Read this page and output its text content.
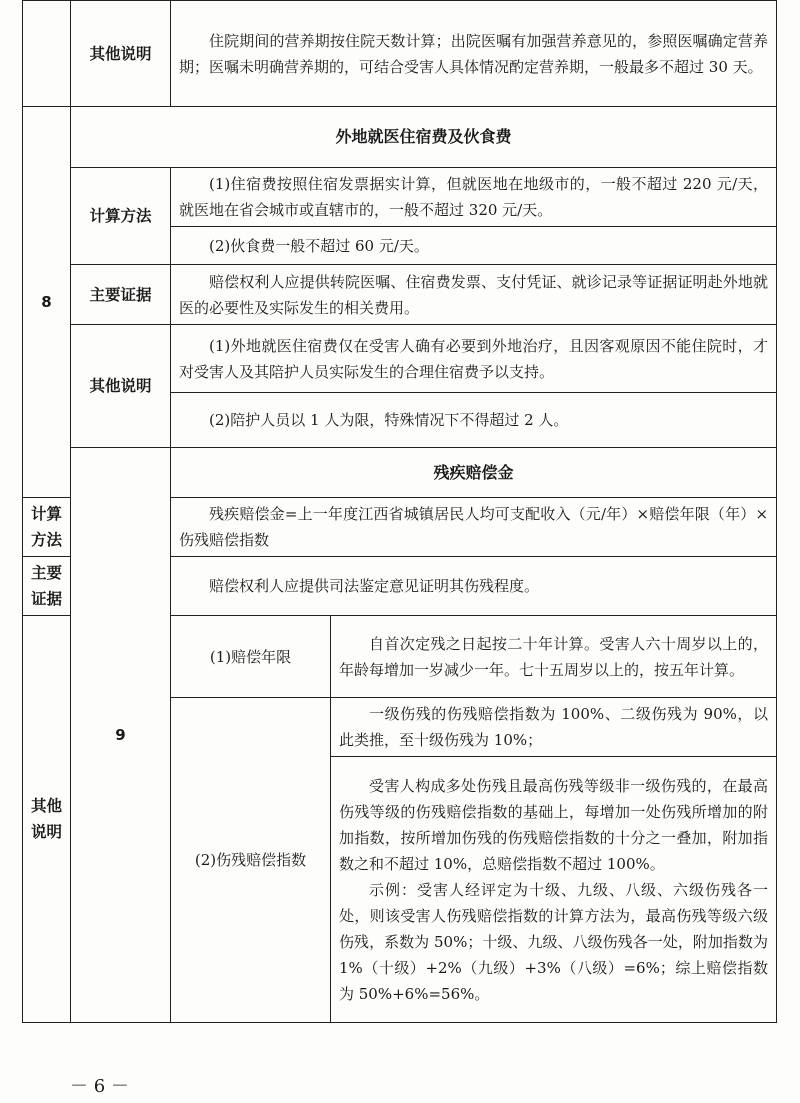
	其他说明	住院期间的营养期按住院天数计算；出院医嘱有加强营养意见的，参照医嘱确定营养期；医嘱未明确营养期的，可结合受害人具体情况酌定营养期，一般最多不超过 30 天。	

8	外地就医住宿费及伙食费		
	计算方法	(1)住宿费按照住宿发票据实计算，但就医地在地级市的，一般不超过 220 元/天，就医地在省会城市或直辖市的，一般不超过 320 元/天。	

		(2)伙食费一般不超过 60 元/天。	

	主要证据	赔偿权利人应提供转院医嘱、住宿费发票、支付凭证、就诊记录等证据证明赴外地就医的必要性及实际发生的相关费用。	

	其他说明	(1)外地就医住宿费仅在受害人确有必要到外地治疗，且因客观原因不能住院时，才对受害人及其陪护人员实际发生的合理住宿费予以支持。	

		(2)陪护人员以 1 人为限，特殊情况下不得超过 2 人。	

	9	残疾赔偿金	
计算方法		残疾赔偿金=上一年度江西省城镇居民人均可支配收入（元/年）×赔偿年限（年）× 伤残赔偿指数	

主要证据		赔偿权利人应提供司法鉴定意见证明其伤残程度。	

其他说明		(1)赔偿年限	自首次定残之日起按二十年计算。受害人六十周岁以上的，年龄每增加一岁减少一年。七十五周岁以上的，按五年计算。

		(2)伤残赔偿指数	一级伤残的伤残赔偿指数为 100%、二级伤残为 90%，以此类推，至十级伤残为 10%；

			受害人构成多处伤残且最高伤残等级非一级伤残的，在最高伤残等级的伤残赔偿指数的基础上，每增加一处伤残所增加的附加指数，按所增加伤残的伤残赔偿指数的十分之一叠加，附加指数之和不超过 10%，总赔偿指数不超过 100%。

示例：受害人经评定为十级、九级、八级、六级伤残各一处，则该受害人伤残赔偿指数的计算方法为，最高伤残等级六级伤残，系数为 50%；十级、九级、八级伤残各一处，附加指数为 1%（十级）+2%（九级）+3%（八级）=6%；综上赔偿指数为 50%+6%=56%。

－ 6 －
